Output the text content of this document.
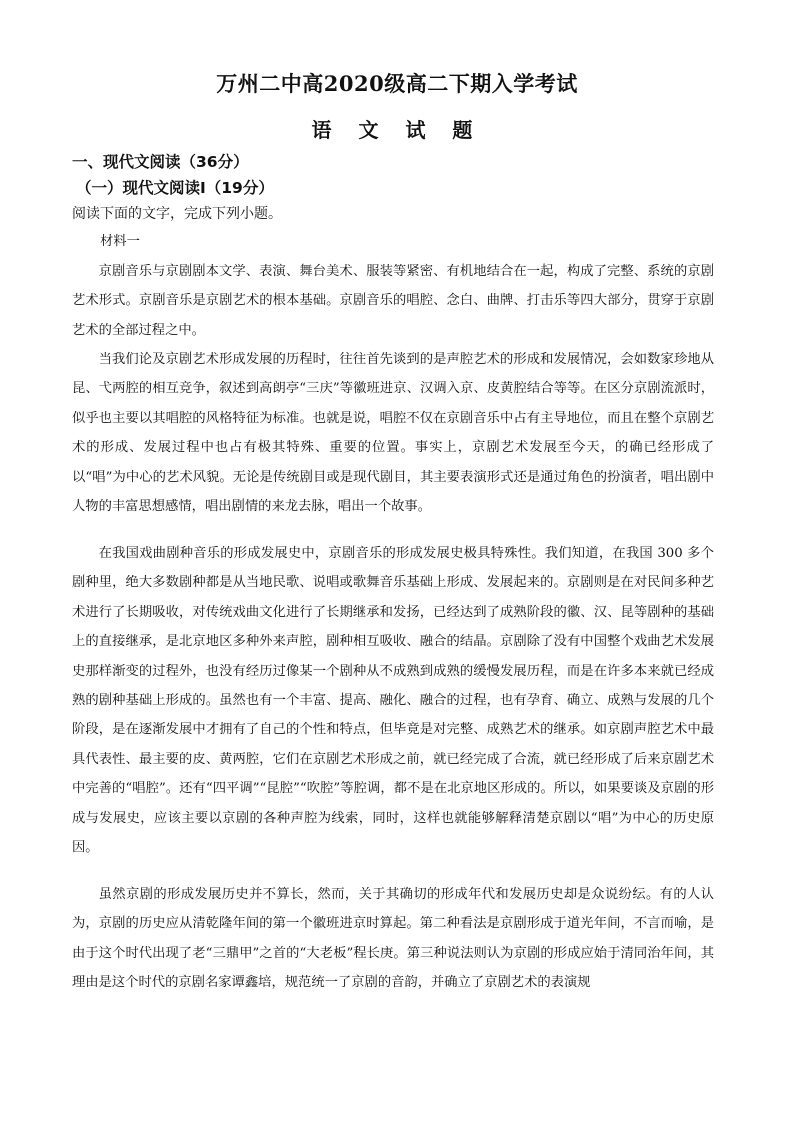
万州二中高2020级高二下期入学考试
语 文 试 题
一、现代文阅读（36分）
（一）现代文阅读Ⅰ（19分）
阅读下面的文字，完成下列小题。
材料一

京剧音乐与京剧剧本文学、表演、舞台美术、服装等紧密、有机地结合在一起，构成了完整、系统的京剧艺术形式。京剧音乐是京剧艺术的根本基础。京剧音乐的唱腔、念白、曲牌、打击乐等四大部分，贯穿于京剧艺术的全部过程之中。

当我们论及京剧艺术形成发展的历程时，往往首先谈到的是声腔艺术的形成和发展情况，会如数家珍地从昆、弋两腔的相互竞争，叙述到高朗亭“三庆”等徽班进京、汉调入京、皮黄腔结合等等。在区分京剧流派时，似乎也主要以其唱腔的风格特征为标准。也就是说，唱腔不仅在京剧音乐中占有主导地位，而且在整个京剧艺术的形成、发展过程中也占有极其特殊、重要的位置。事实上，京剧艺术发展至今天，的确已经形成了以“唱”为中心的艺术风貌。无论是传统剧目或是现代剧目，其主要表演形式还是通过角色的扮演者，唱出剧中人物的丰富思想感情，唱出剧情的来龙去脉，唱出一个故事。

在我国戏曲剧种音乐的形成发展史中，京剧音乐的形成发展史极具特殊性。我们知道，在我国 300 多个剧种里，绝大多数剧种都是从当地民歌、说唱或歌舞音乐基础上形成、发展起来的。京剧则是在对民间多种艺术进行了长期吸收，对传统戏曲文化进行了长期继承和发扬，已经达到了成熟阶段的徽、汉、昆等剧种的基础上的直接继承，是北京地区多种外来声腔，剧种相互吸收、融合的结晶。京剧除了没有中国整个戏曲艺术发展史那样渐变的过程外，也没有经历过像某一个剧种从不成熟到成熟的缓慢发展历程，而是在许多本来就已经成熟的剧种基础上形成的。虽然也有一个丰富、提高、融化、融合的过程，也有孕育、确立、成熟与发展的几个阶段，是在逐渐发展中才拥有了自己的个性和特点，但毕竟是对完整、成熟艺术的继承。如京剧声腔艺术中最具代表性、最主要的皮、黄两腔，它们在京剧艺术形成之前，就已经完成了合流，就已经形成了后来京剧艺术中完善的“唱腔”。还有“四平调”“昆腔”“吹腔”等腔调，都不是在北京地区形成的。所以，如果要谈及京剧的形成与发展史，应该主要以京剧的各种声腔为线索，同时，这样也就能够解释清楚京剧以“唱”为中心的历史原因。

虽然京剧的形成发展历史并不算长，然而，关于其确切的形成年代和发展历史却是众说纷纭。有的人认为，京剧的历史应从清乾隆年间的第一个徽班进京时算起。第二种看法是京剧形成于道光年间，不言而喻，是由于这个时代出现了老“三鼎甲”之首的“大老板”程长庚。第三种说法则认为京剧的形成应始于清同治年间，其理由是这个时代的京剧名家谭鑫培，规范统一了京剧的音韵，并确立了京剧艺术的表演规
